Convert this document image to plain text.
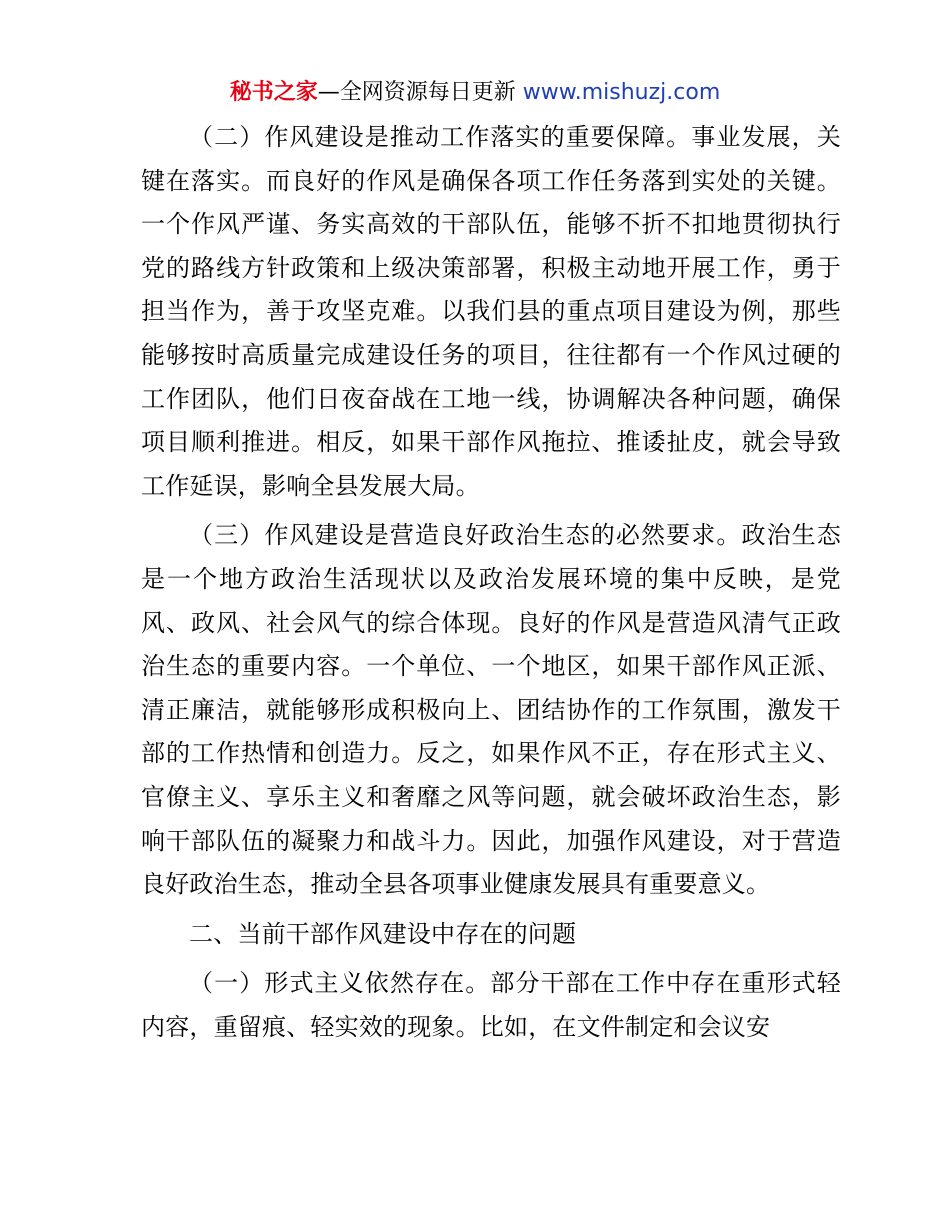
秘书之家—全网资源每日更新 www.mishuzj.com

（二）作风建设是推动工作落实的重要保障。事业发展，关键在落实。而良好的作风是确保各项工作任务落到实处的关键。一个作风严谨、务实高效的干部队伍，能够不折不扣地贯彻执行党的路线方针政策和上级决策部署，积极主动地开展工作，勇于担当作为，善于攻坚克难。以我们县的重点项目建设为例，那些能够按时高质量完成建设任务的项目，往往都有一个作风过硬的工作团队，他们日夜奋战在工地一线，协调解决各种问题，确保项目顺利推进。相反，如果干部作风拖拉、推诿扯皮，就会导致工作延误，影响全县发展大局。

（三）作风建设是营造良好政治生态的必然要求。政治生态是一个地方政治生活现状以及政治发展环境的集中反映，是党风、政风、社会风气的综合体现。良好的作风是营造风清气正政治生态的重要内容。一个单位、一个地区，如果干部作风正派、清正廉洁，就能够形成积极向上、团结协作的工作氛围，激发干部的工作热情和创造力。反之，如果作风不正，存在形式主义、官僚主义、享乐主义和奢靡之风等问题，就会破坏政治生态，影响干部队伍的凝聚力和战斗力。因此，加强作风建设，对于营造良好政治生态，推动全县各项事业健康发展具有重要意义。

二、当前干部作风建设中存在的问题

（一）形式主义依然存在。部分干部在工作中存在重形式轻内容，重留痕、轻实效的现象。比如，在文件制定和会议安
